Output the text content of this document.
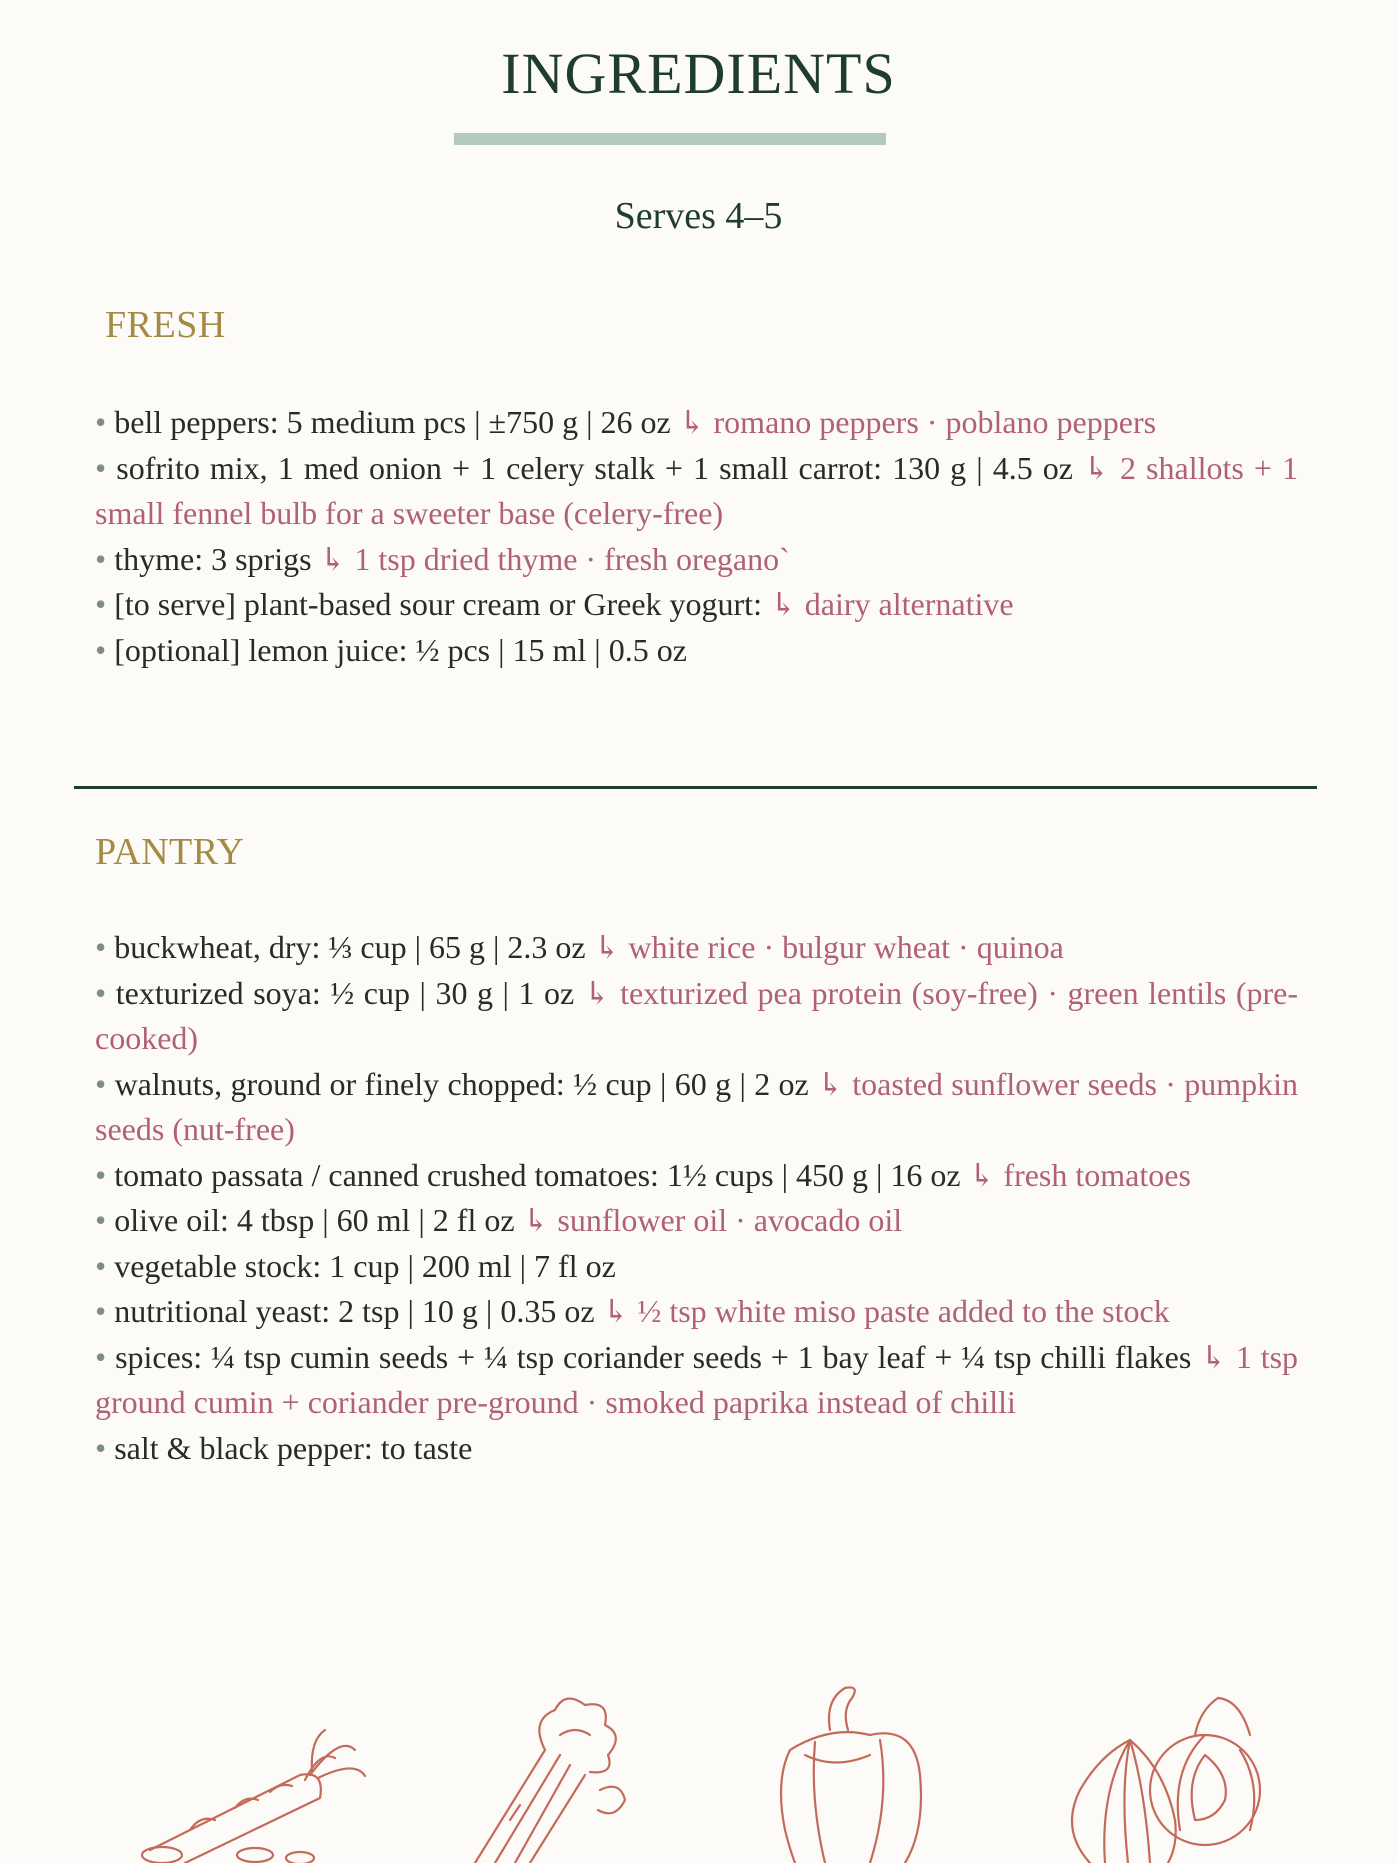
INGREDIENTS
Serves 4–5
FRESH

• bell peppers: 5 medium pcs | ±750 g | 26 oz ↳ romano peppers · poblano peppers

• sofrito mix, 1 med onion + 1 celery stalk + 1 small carrot: 130 g | 4.5 oz ↳ 2 shallots + 1 small fennel bulb for a sweeter base (celery-free)

• thyme: 3 sprigs ↳ 1 tsp dried thyme · fresh oregano`

• [to serve] plant-based sour cream or Greek yogurt: ↳ dairy alternative

• [optional] lemon juice: ½ pcs | 15 ml | 0.5 oz

PANTRY

• buckwheat, dry: ⅓ cup | 65 g | 2.3 oz ↳ white rice · bulgur wheat · quinoa

• texturized soya: ½ cup | 30 g | 1 oz ↳ texturized pea protein (soy-free) · green lentils (pre-cooked)

• walnuts, ground or finely chopped: ½ cup | 60 g | 2 oz ↳ toasted sunflower seeds · pumpkin seeds (nut-free)

• tomato passata / canned crushed tomatoes: 1½ cups | 450 g | 16 oz ↳ fresh tomatoes

• olive oil: 4 tbsp | 60 ml | 2 fl oz ↳ sunflower oil · avocado oil

• vegetable stock: 1 cup | 200 ml | 7 fl oz

• nutritional yeast: 2 tsp | 10 g | 0.35 oz ↳ ½ tsp white miso paste added to the stock

• spices: ¼ tsp cumin seeds + ¼ tsp coriander seeds + 1 bay leaf + ¼ tsp chilli flakes ↳ 1 tsp ground cumin + coriander pre-ground · smoked paprika instead of chilli

• salt & black pepper: to taste
